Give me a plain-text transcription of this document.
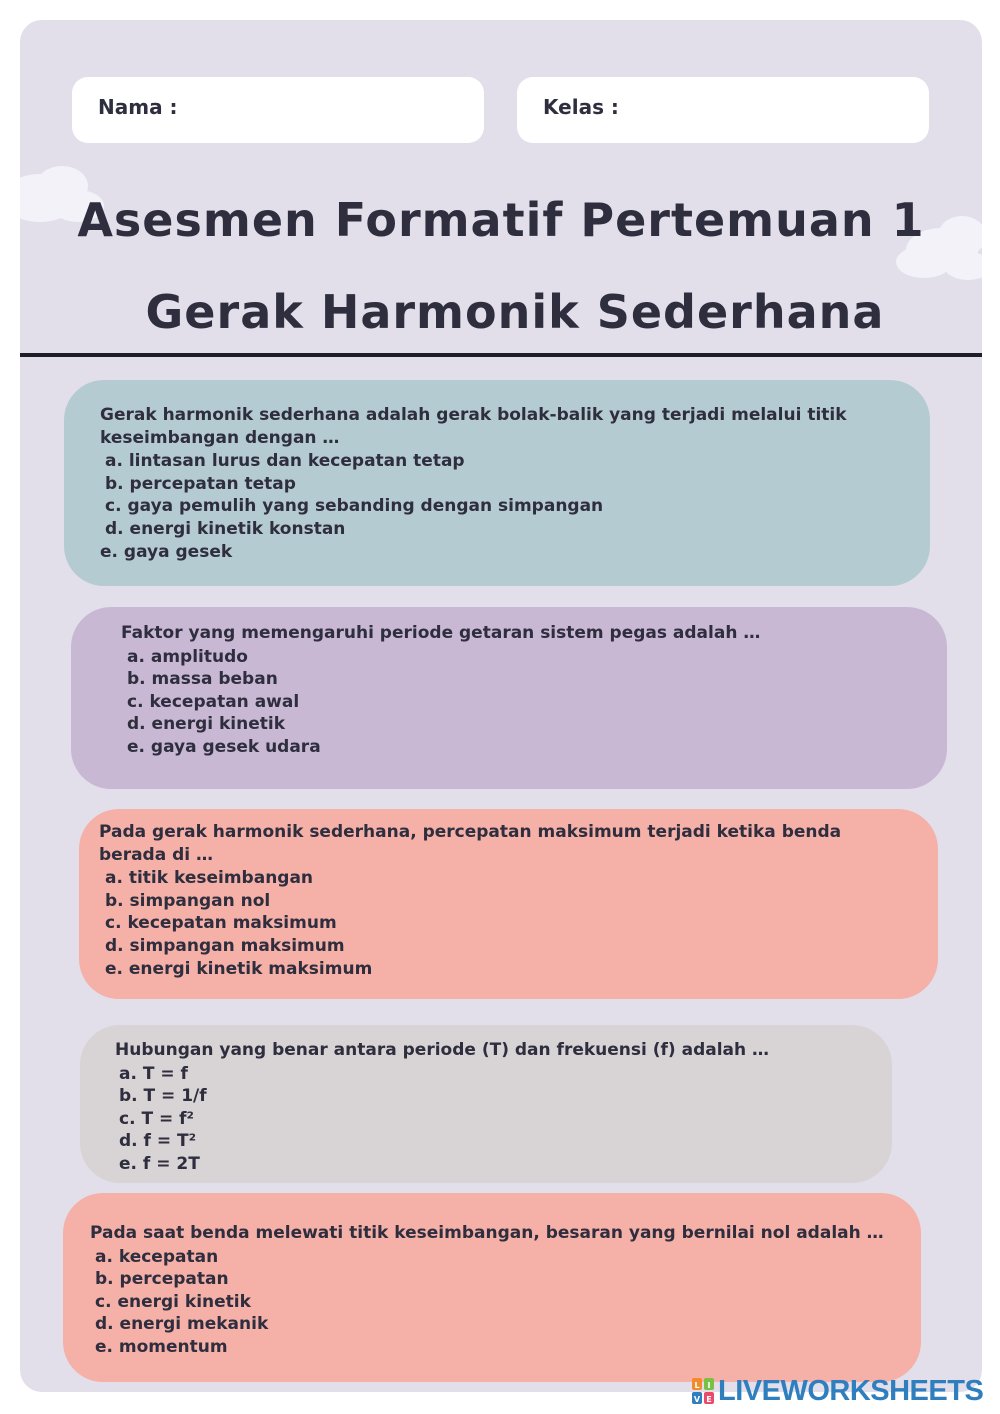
Nama :	Kelas :
Asesmen Formatif Pertemuan 1
Gerak Harmonik Sederhana

Gerak harmonik sederhana adalah gerak bolak-balik yang terjadi melalui titik keseimbangan dengan …

a. lintasan lurus dan kecepatan tetap
b. percepatan tetap
c. gaya pemulih yang sebanding dengan simpangan
d. energi kinetik konstan
e. gaya gesek

Faktor yang memengaruhi periode getaran sistem pegas adalah …

a. amplitudo
b. massa beban
c. kecepatan awal
d. energi kinetik
e. gaya gesek udara

Pada gerak harmonik sederhana, percepatan maksimum terjadi ketika benda berada di …

a. titik keseimbangan
b. simpangan nol
c. kecepatan maksimum
d. simpangan maksimum
e. energi kinetik maksimum

Hubungan yang benar antara periode (T) dan frekuensi (f) adalah …

a. T = f
b. T = 1/f
c. T = f²
d. f = T²
e. f = 2T

Pada saat benda melewati titik keseimbangan, besaran yang bernilai nol adalah …

a. kecepatan
b. percepatan
c. energi kinetik
d. energi mekanik
e. momentum
L I
V E LIVEWORKSHEETS
